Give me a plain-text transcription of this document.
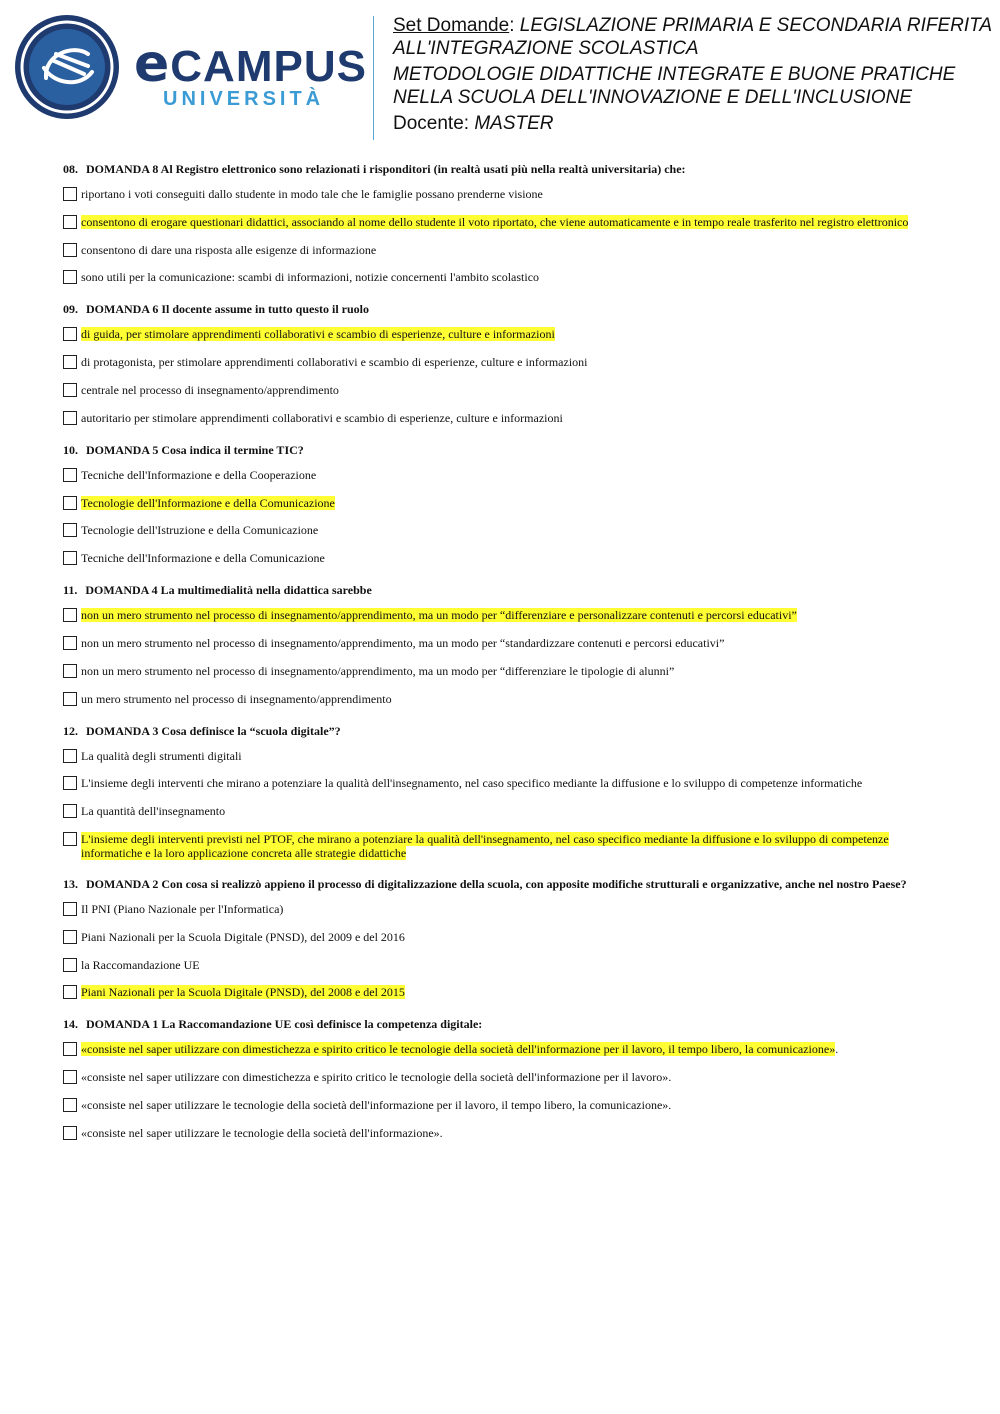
eCAMPUS
UNIVERSITÀ
Set Domande: LEGISLAZIONE PRIMARIA E SECONDARIA RIFERITA
ALL'INTEGRAZIONE SCOLASTICA
METODOLOGIE DIDATTICHE INTEGRATE E BUONE PRATICHE
NELLA SCUOLA DELL'INNOVAZIONE E DELL'INCLUSIONE
Docente: MASTER
08. DOMANDA 8 Al Registro elettronico sono relazionati i risponditori (in realtà usati più nella realtà universitaria) che:
riportano i voti conseguiti dallo studente in modo tale che le famiglie possano prenderne visione
consentono di erogare questionari didattici, associando al nome dello studente il voto riportato, che viene automaticamente e in tempo reale trasferito nel registro elettronico
consentono di dare una risposta alle esigenze di informazione
sono utili per la comunicazione: scambi di informazioni, notizie concernenti l'ambito scolastico
09. DOMANDA 6 Il docente assume in tutto questo il ruolo
di guida, per stimolare apprendimenti collaborativi e scambio di esperienze, culture e informazioni
di protagonista, per stimolare apprendimenti collaborativi e scambio di esperienze, culture e informazioni
centrale nel processo di insegnamento/apprendimento
autoritario per stimolare apprendimenti collaborativi e scambio di esperienze, culture e informazioni
10. DOMANDA 5 Cosa indica il termine TIC?
Tecniche dell'Informazione e della Cooperazione
Tecnologie dell'Informazione e della Comunicazione
Tecnologie dell'Istruzione e della Comunicazione
Tecniche dell'Informazione e della Comunicazione
11. DOMANDA 4 La multimedialità nella didattica sarebbe
non un mero strumento nel processo di insegnamento/apprendimento, ma un modo per “differenziare e personalizzare contenuti e percorsi educativi”
non un mero strumento nel processo di insegnamento/apprendimento, ma un modo per “standardizzare contenuti e percorsi educativi”
non un mero strumento nel processo di insegnamento/apprendimento, ma un modo per “differenziare le tipologie di alunni”
un mero strumento nel processo di insegnamento/apprendimento
12. DOMANDA 3 Cosa definisce la “scuola digitale”?
La qualità degli strumenti digitali
L'insieme degli interventi che mirano a potenziare la qualità dell'insegnamento, nel caso specifico mediante la diffusione e lo sviluppo di competenze informatiche
La quantità dell'insegnamento
L'insieme degli interventi previsti nel PTOF, che mirano a potenziare la qualità dell'insegnamento, nel caso specifico mediante la diffusione e lo sviluppo di competenze informatiche e la loro applicazione concreta alle strategie didattiche
13. DOMANDA 2 Con cosa si realizzò appieno il processo di digitalizzazione della scuola, con apposite modifiche strutturali e organizzative, anche nel nostro Paese?
Il PNI (Piano Nazionale per l'Informatica)
Piani Nazionali per la Scuola Digitale (PNSD), del 2009 e del 2016
la Raccomandazione UE
Piani Nazionali per la Scuola Digitale (PNSD), del 2008 e del 2015
14. DOMANDA 1 La Raccomandazione UE così definisce la competenza digitale:
«consiste nel saper utilizzare con dimestichezza e spirito critico le tecnologie della società dell'informazione per il lavoro, il tempo libero, la comunicazione».
«consiste nel saper utilizzare con dimestichezza e spirito critico le tecnologie della società dell'informazione per il lavoro».
«consiste nel saper utilizzare le tecnologie della società dell'informazione per il lavoro, il tempo libero, la comunicazione».
«consiste nel saper utilizzare le tecnologie della società dell'informazione».
